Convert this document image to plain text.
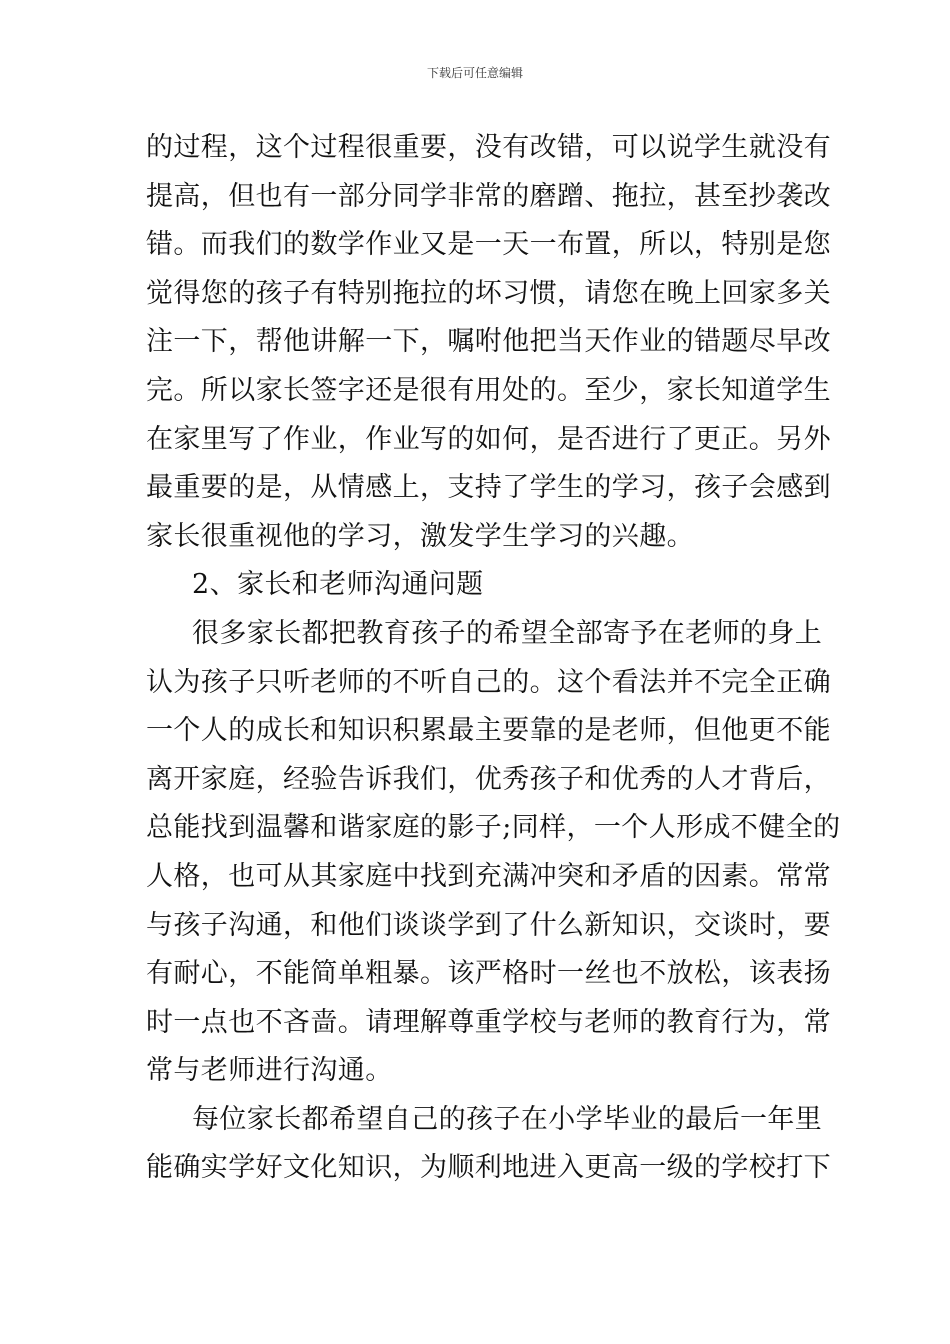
下载后可任意编辑
的过程，这个过程很重要，没有改错，可以说学生就没有
提高，但也有一部分同学非常的磨蹭、拖拉，甚至抄袭改
错。而我们的数学作业又是一天一布置，所以，特别是您
觉得您的孩子有特别拖拉的坏习惯，请您在晚上回家多关
注一下，帮他讲解一下，嘱咐他把当天作业的错题尽早改
完。所以家长签字还是很有用处的。至少，家长知道学生
在家里写了作业，作业写的如何，是否进行了更正。另外
最重要的是，从情感上，支持了学生的学习，孩子会感到
家长很重视他的学习，激发学生学习的兴趣。
2、家长和老师沟通问题
很多家长都把教育孩子的希望全部寄予在老师的身上
认为孩子只听老师的不听自己的。这个看法并不完全正确
一个人的成长和知识积累最主要靠的是老师，但他更不能
离开家庭，经验告诉我们，优秀孩子和优秀的人才背后，
总能找到温馨和谐家庭的影子;同样，一个人形成不健全的
人格，也可从其家庭中找到充满冲突和矛盾的因素。常常
与孩子沟通，和他们谈谈学到了什么新知识，交谈时，要
有耐心，不能简单粗暴。该严格时一丝也不放松，该表扬
时一点也不吝啬。请理解尊重学校与老师的教育行为，常
常与老师进行沟通。
每位家长都希望自己的孩子在小学毕业的最后一年里
能确实学好文化知识，为顺利地进入更高一级的学校打下
